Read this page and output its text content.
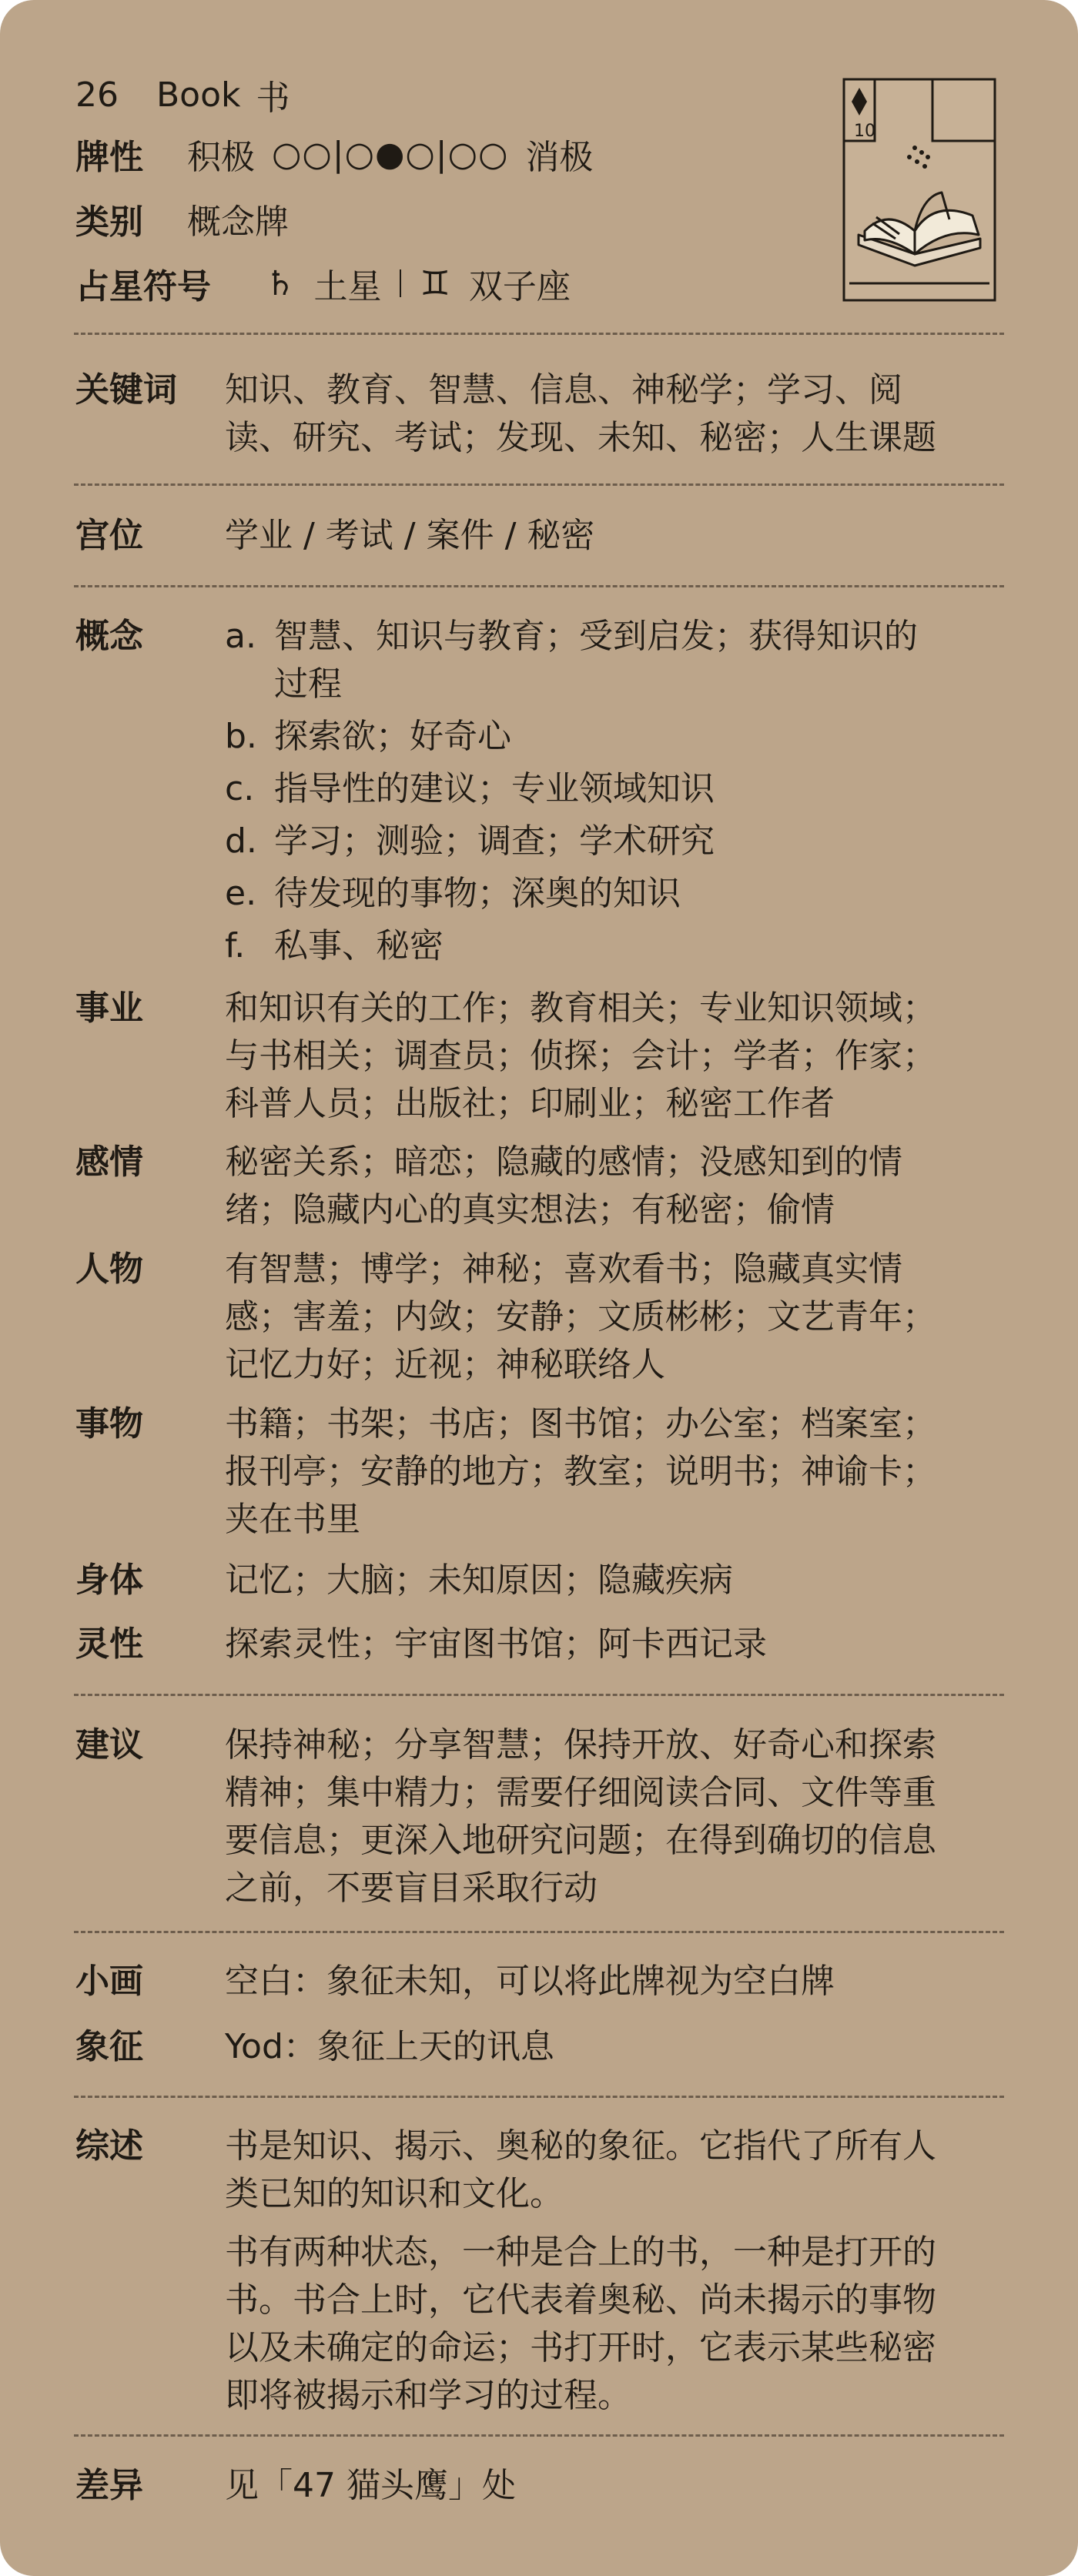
26	Book 书
牌性	积极 ○○|○●○|○○ 消极
类别	概念牌
占星符号	♄ 土星 ♊ 双子座
10
关键词 知识、教育、智慧、信息、神秘学；学习、阅
读、研究、考试；发现、未知、秘密；人生课题
宫位 学业 / 考试 / 案件 / 秘密
概念 a. 智慧、知识与教育；受到启发；获得知识的
过程
b. 探索欲；好奇心
c. 指导性的建议；专业领域知识
d. 学习；测验；调查；学术研究
e. 待发现的事物；深奥的知识
f. 私事、秘密
事业 和知识有关的工作；教育相关；专业知识领域；
与书相关；调查员；侦探；会计；学者；作家；
科普人员；出版社；印刷业；秘密工作者
感情 秘密关系；暗恋；隐藏的感情；没感知到的情
绪；隐藏内心的真实想法；有秘密；偷情
人物 有智慧；博学；神秘；喜欢看书；隐藏真实情
感；害羞；内敛；安静；文质彬彬；文艺青年；
记忆力好；近视；神秘联络人
事物 书籍；书架；书店；图书馆；办公室；档案室；
报刊亭；安静的地方；教室；说明书；神谕卡；
夹在书里
身体 记忆；大脑；未知原因；隐藏疾病
灵性 探索灵性；宇宙图书馆；阿卡西记录
建议 保持神秘；分享智慧；保持开放、好奇心和探索
精神；集中精力；需要仔细阅读合同、文件等重
要信息；更深入地研究问题；在得到确切的信息
之前，不要盲目采取行动
小画 空白：象征未知，可以将此牌视为空白牌
象征 Yod：象征上天的讯息
综述 书是知识、揭示、奥秘的象征。它指代了所有人
类已知的知识和文化。
书有两种状态，一种是合上的书，一种是打开的
书。书合上时，它代表着奥秘、尚未揭示的事物
以及未确定的命运；书打开时，它表示某些秘密
即将被揭示和学习的过程。
差异 见「47 猫头鹰」处
